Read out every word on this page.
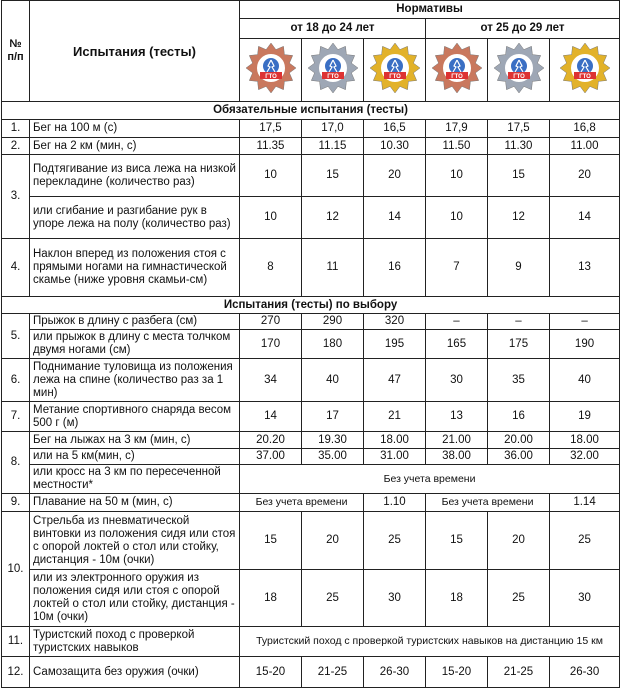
№ п/п	Испытания (тесты)	Нормативы					
		от 18 до 24 лет			от 25 до 29 лет		

ГТО	ГТО	ГТО	ГТО	ГТО	ГТО

Обязательные испытания (тесты)							
1.	Бег на 100 м (с)	17,5	17,0	16,5	17,9	17,5	16,8
2.	Бег на 2 км (мин, с)	11.35	11.15	10.30	11.50	11.30	11.00
3.	Подтягивание из виса лежа на низкой перекладине (количество раз)	10	15	20	10	15	20
	или сгибание и разгибание рук в упоре лежа на полу (количество раз)	10	12	14	10	12	14
4.	Наклон вперед из положения стоя с прямыми ногами на гимнастической скамье (ниже уровня скамьи-см)	8	11	16	7	9	13
Испытания (тесты) по выбору							
5.	Прыжок в длину с разбега (см)	270	290	320	–	–	–
	или прыжок в длину с места толчком двумя ногами (см)	170	180	195	165	175	190
6.	Поднимание туловища из положения лежа на спине (количество раз за 1 мин)	34	40	47	30	35	40
7.	Метание спортивного снаряда весом 500 г (м)	14	17	21	13	16	19
8.	Бег на лыжах на 3 км (мин, с)	20.20	19.30	18.00	21.00	20.00	18.00
	или на 5 км(мин, с)	37.00	35.00	31.00	38.00	36.00	32.00
	или кросс на 3 км по пересеченной местности*	Без учета времени					
9.	Плавание на 50 м (мин, с)	Без учета времени		1.10	Без учета времени		1.14
10.	Стрельба из пневматической винтовки из положения сидя или стоя с опорой локтей о стол или стойку, дистанция - 10м (очки)	15	20	25	15	20	25
	или из электронного оружия из положения сидя или стоя с опорой локтей о стол или стойку, дистанция - 10м (очки)	18	25	30	18	25	30
11.	Туристский поход с проверкой туристских навыков	Туристский поход с проверкой туристских навыков на дистанцию 15 км					
12.	Самозащита без оружия (очки)	15-20	21-25	26-30	15-20	21-25	26-30
